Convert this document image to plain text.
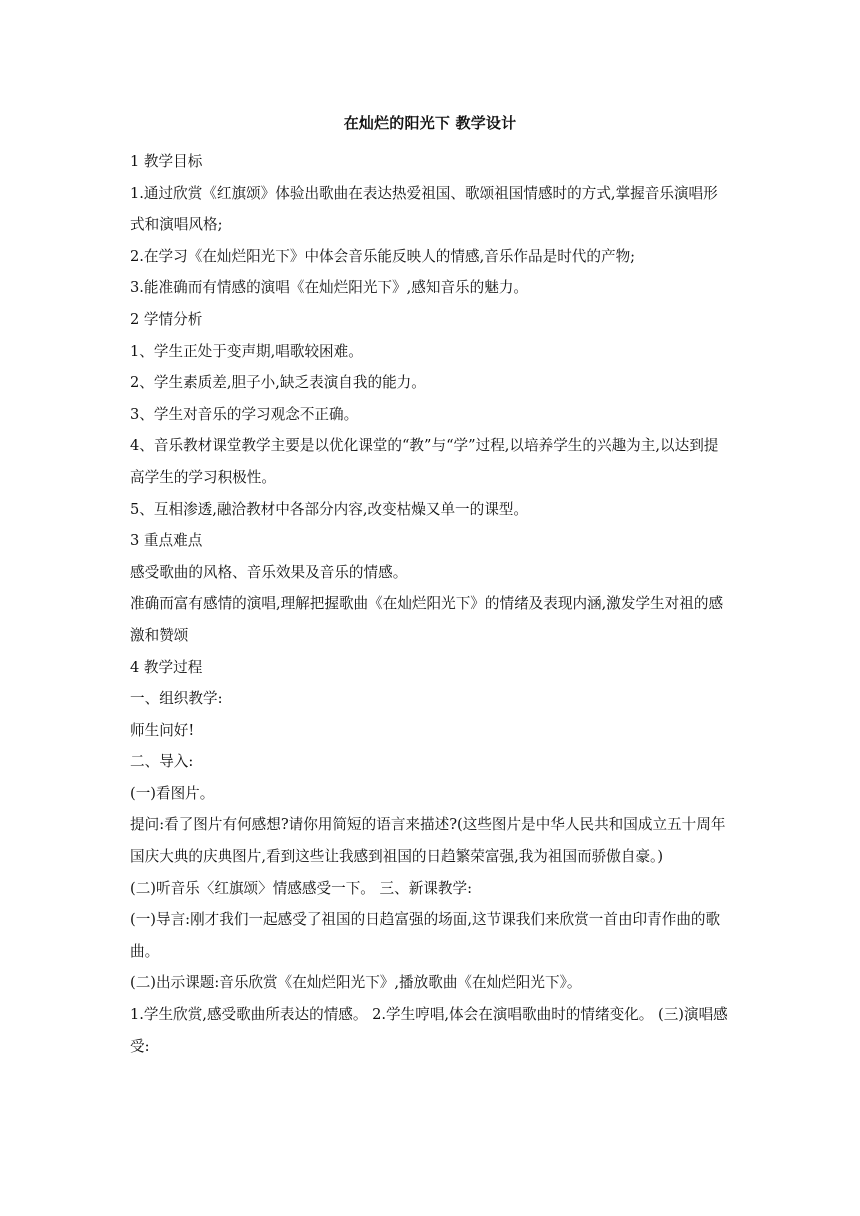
在灿烂的阳光下 教学设计

1 教学目标

1.通过欣赏《红旗颂》体验出歌曲在表达热爱祖国、歌颂祖国情感时的方式,掌握音乐演唱形式和演唱风格;

2.在学习《在灿烂阳光下》中体会音乐能反映人的情感,音乐作品是时代的产物;

3.能准确而有情感的演唱《在灿烂阳光下》,感知音乐的魅力。

2 学情分析

1、学生正处于变声期,唱歌较困难。

2、学生素质差,胆子小,缺乏表演自我的能力。

3、学生对音乐的学习观念不正确。

4、音乐教材课堂教学主要是以优化课堂的“教”与“学”过程,以培养学生的兴趣为主,以达到提高学生的学习积极性。

5、互相渗透,融洽教材中各部分内容,改变枯燥又单一的课型。

3 重点难点

感受歌曲的风格、音乐效果及音乐的情感。

准确而富有感情的演唱,理解把握歌曲《在灿烂阳光下》的情绪及表现内涵,激发学生对祖的感激和赞颂

4 教学过程

一、组织教学:

师生问好!

二、导入:

(一)看图片。

提问:看了图片有何感想?请你用简短的语言来描述?(这些图片是中华人民共和国成立五十周年国庆大典的庆典图片,看到这些让我感到祖国的日趋繁荣富强,我为祖国而骄傲自豪。)

(二)听音乐〈红旗颂〉情感感受一下。 三、新课教学:

(一)导言:刚才我们一起感受了祖国的日趋富强的场面,这节课我们来欣赏一首由印青作曲的歌曲。

(二)出示课题:音乐欣赏《在灿烂阳光下》,播放歌曲《在灿烂阳光下》。

1.学生欣赏,感受歌曲所表达的情感。 2.学生哼唱,体会在演唱歌曲时的情绪变化。 (三)演唱感受:
